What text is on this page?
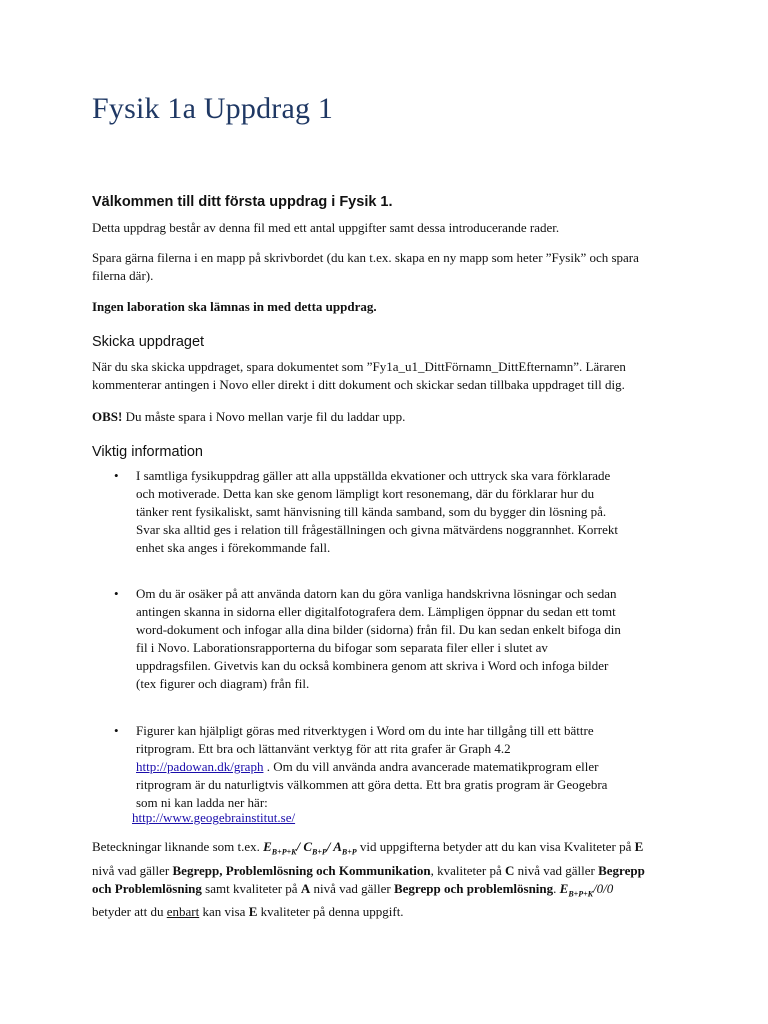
Fysik 1a Uppdrag 1

Välkommen till ditt första uppdrag i Fysik 1.

Detta uppdrag består av denna fil med ett antal uppgifter samt dessa introducerande rader.

Spara gärna filerna i en mapp på skrivbordet (du kan t.ex. skapa en ny mapp som heter ”Fysik” och spara

filerna där).

Ingen laboration ska lämnas in med detta uppdrag.

Skicka uppdraget

När du ska skicka uppdraget, spara dokumentet som ”Fy1a_u1_DittFörnamn_DittEfternamn”. Läraren

kommenterar antingen i Novo eller direkt i ditt dokument och skickar sedan tillbaka uppdraget till dig.

OBS! Du måste spara i Novo mellan varje fil du laddar upp.

Viktig information

• I samtliga fysikuppdrag gäller att alla uppställda ekvationer och uttryck ska vara förklarade
och motiverade. Detta kan ske genom lämpligt kort resonemang, där du förklarar hur du
tänker rent fysikaliskt, samt hänvisning till kända samband, som du bygger din lösning på.
Svar ska alltid ges i relation till frågeställningen och givna mätvärdens noggrannhet. Korrekt
enhet ska anges i förekommande fall.
• Om du är osäker på att använda datorn kan du göra vanliga handskrivna lösningar och sedan
antingen skanna in sidorna eller digitalfotografera dem. Lämpligen öppnar du sedan ett tomt
word-dokument och infogar alla dina bilder (sidorna) från fil. Du kan sedan enkelt bifoga din
fil i Novo. Laborationsrapporterna du bifogar som separata filer eller i slutet av
uppdragsfilen. Givetvis kan du också kombinera genom att skriva i Word och infoga bilder
(tex figurer och diagram) från fil.
• Figurer kan hjälpligt göras med ritverktygen i Word om du inte har tillgång till ett bättre
ritprogram. Ett bra och lättanvänt verktyg för att rita grafer är Graph 4.2
http://padowan.dk/graph . Om du vill använda andra avancerade matematikprogram eller
ritprogram är du naturligtvis välkommen att göra detta. Ett bra gratis program är Geogebra
som ni kan ladda ner här:

http://www.geogebrainstitut.se/

Beteckningar liknande som t.ex. $E_{B+P+K}/$ $C_{B+P}/$ $A_{B+P}$ vid uppgifterna betyder att du kan visa Kvaliteter på E

nivå vad gäller Begrepp, Problemlösning och Kommunikation, kvaliteter på C nivå vad gäller Begrepp

och Problemlösning samt kvaliteter på A nivå vad gäller Begrepp och problemlösning. $E_{B+P+K}/0/0$

betyder att du enbart kan visa E kvaliteter på denna uppgift.
